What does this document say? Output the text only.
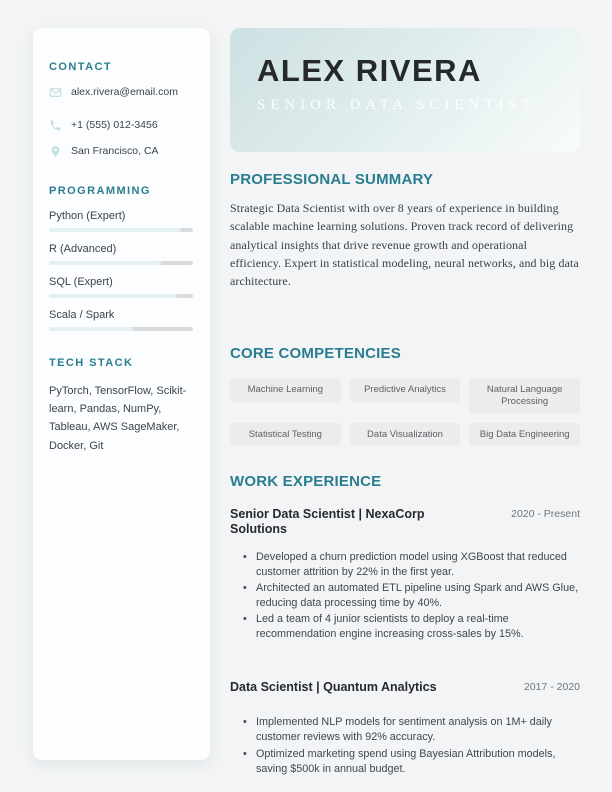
CONTACT
alex.rivera@email.com
+1 (555) 012-3456
San Francisco, CA
PROGRAMMING
Python (Expert)
R (Advanced)
SQL (Expert)
Scala / Spark
TECH STACK
PyTorch, TensorFlow, Scikit-learn, Pandas, NumPy, Tableau, AWS SageMaker, Docker, Git
ALEX RIVERA
SENIOR DATA SCIENTIST
PROFESSIONAL SUMMARY

Strategic Data Scientist with over 8 years of experience in building scalable machine learning solutions. Proven track record of delivering analytical insights that drive revenue growth and operational efficiency. Expert in statistical modeling, neural networks, and big data architecture.

CORE COMPETENCIES
Machine Learning	Predictive Analytics	Natural Language Processing
Statistical Testing	Data Visualization	Big Data Engineering
WORK EXPERIENCE
Senior Data Scientist | NexaCorp Solutions
2020 - Present
• Developed a churn prediction model using XGBoost that reduced customer attrition by 22% in the first year.
• Architected an automated ETL pipeline using Spark and AWS Glue, reducing data processing time by 40%.
• Led a team of 4 junior scientists to deploy a real-time recommendation engine increasing cross-sales by 15%.
Data Scientist | Quantum Analytics	2017 - 2020
• Implemented NLP models for sentiment analysis on 1M+ daily customer reviews with 92% accuracy.
• Optimized marketing spend using Bayesian Attribution models, saving $500k in annual budget.
